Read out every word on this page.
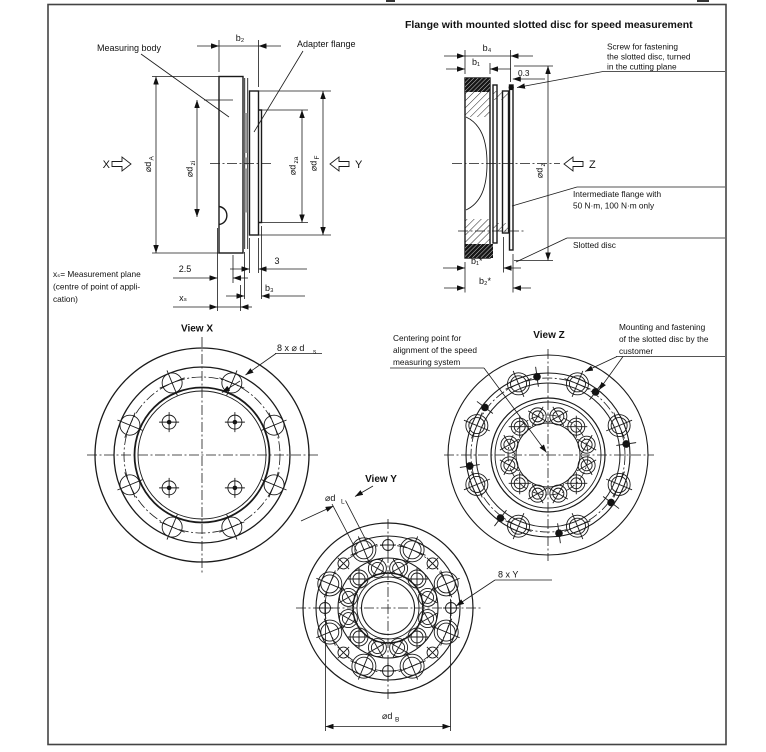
Flange with mounted slotted disc for speed measurement
Measuring body	Adapter flange
b₂
⌀d
A
⌀d
zi
⌀d
za
⌀d
F
X	Y
2.5
xₛ
3
b₃
xₛ= Measurement plane
(centre of point of appli-
cation)
b₄
b₁
0.3
Screw for fastening
the slotted disc, turned
in the cutting plane
⌀d
z	Z
Intermediate flange with
50 N·m, 100 N·m only
Slotted disc
b₁*
b₂*
View X
View Z
View Y
8 x ⌀ d s
Centering point for
alignment of the speed
measuring system
Mounting and fastening
of the slotted disc by the
customer
⌀d L
8 x Y
⌀d B
